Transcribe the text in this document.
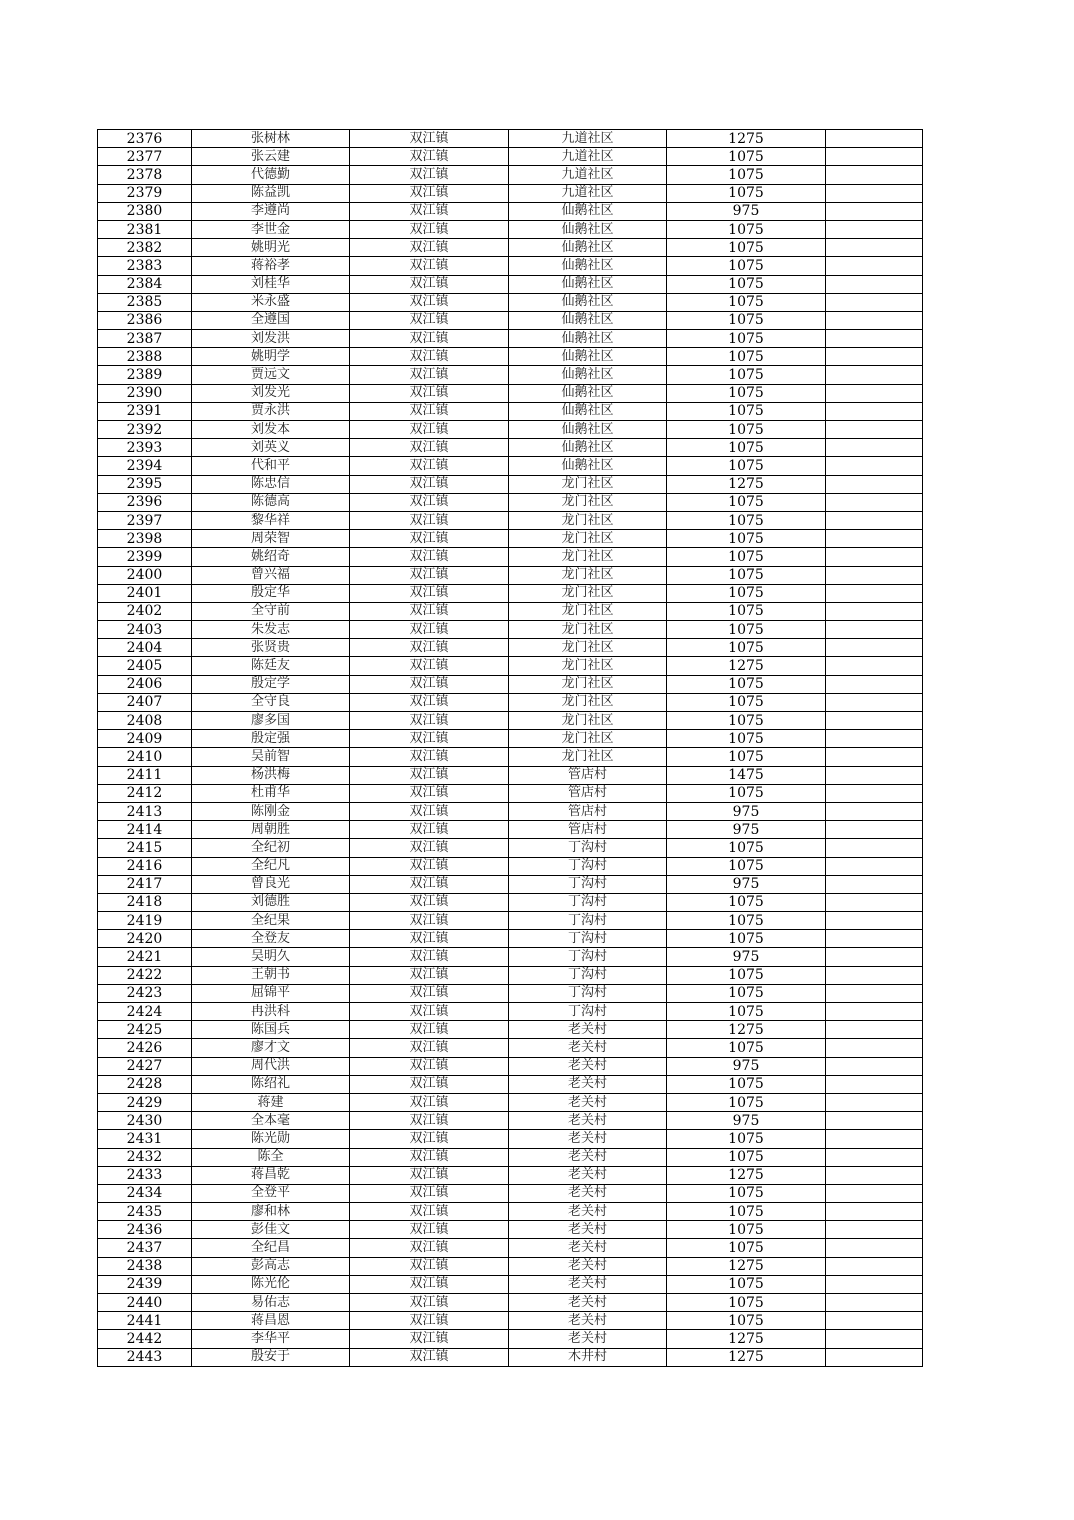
2376	张树林	双江镇	九道社区	1275	
2377	张云建	双江镇	九道社区	1075	
2378	代德勤	双江镇	九道社区	1075	
2379	陈益凯	双江镇	九道社区	1075	
2380	李遵尚	双江镇	仙鹅社区	975	
2381	李世金	双江镇	仙鹅社区	1075	
2382	姚明光	双江镇	仙鹅社区	1075	
2383	蒋裕孝	双江镇	仙鹅社区	1075	
2384	刘桂华	双江镇	仙鹅社区	1075	
2385	米永盛	双江镇	仙鹅社区	1075	
2386	全遵国	双江镇	仙鹅社区	1075	
2387	刘发洪	双江镇	仙鹅社区	1075	
2388	姚明学	双江镇	仙鹅社区	1075	
2389	贾远文	双江镇	仙鹅社区	1075	
2390	刘发光	双江镇	仙鹅社区	1075	
2391	贾永洪	双江镇	仙鹅社区	1075	
2392	刘发本	双江镇	仙鹅社区	1075	
2393	刘英义	双江镇	仙鹅社区	1075	
2394	代和平	双江镇	仙鹅社区	1075	
2395	陈忠信	双江镇	龙门社区	1275	
2396	陈德高	双江镇	龙门社区	1075	
2397	黎华祥	双江镇	龙门社区	1075	
2398	周荣智	双江镇	龙门社区	1075	
2399	姚绍奇	双江镇	龙门社区	1075	
2400	曾兴福	双江镇	龙门社区	1075	
2401	殷定华	双江镇	龙门社区	1075	
2402	全守前	双江镇	龙门社区	1075	
2403	朱发志	双江镇	龙门社区	1075	
2404	张贤贵	双江镇	龙门社区	1075	
2405	陈廷友	双江镇	龙门社区	1275	
2406	殷定学	双江镇	龙门社区	1075	
2407	全守良	双江镇	龙门社区	1075	
2408	廖多国	双江镇	龙门社区	1075	
2409	殷定强	双江镇	龙门社区	1075	
2410	吴前智	双江镇	龙门社区	1075	
2411	杨洪梅	双江镇	管店村	1475	
2412	杜甫华	双江镇	管店村	1075	
2413	陈刚金	双江镇	管店村	975	
2414	周朝胜	双江镇	管店村	975	
2415	全纪初	双江镇	丁沟村	1075	
2416	全纪凡	双江镇	丁沟村	1075	
2417	曾良光	双江镇	丁沟村	975	
2418	刘德胜	双江镇	丁沟村	1075	
2419	全纪果	双江镇	丁沟村	1075	
2420	全登友	双江镇	丁沟村	1075	
2421	吴明久	双江镇	丁沟村	975	
2422	王朝书	双江镇	丁沟村	1075	
2423	屈锦平	双江镇	丁沟村	1075	
2424	冉洪科	双江镇	丁沟村	1075	
2425	陈国兵	双江镇	老关村	1275	
2426	廖才文	双江镇	老关村	1075	
2427	周代洪	双江镇	老关村	975	
2428	陈绍礼	双江镇	老关村	1075	
2429	蒋建	双江镇	老关村	1075	
2430	全本毫	双江镇	老关村	975	
2431	陈光勋	双江镇	老关村	1075	
2432	陈全	双江镇	老关村	1075	
2433	蒋昌乾	双江镇	老关村	1275	
2434	全登平	双江镇	老关村	1075	
2435	廖和林	双江镇	老关村	1075	
2436	彭佳文	双江镇	老关村	1075	
2437	全纪昌	双江镇	老关村	1075	
2438	彭高志	双江镇	老关村	1275	
2439	陈光伦	双江镇	老关村	1075	
2440	易佑志	双江镇	老关村	1075	
2441	蒋昌恩	双江镇	老关村	1075	
2442	李华平	双江镇	老关村	1275	
2443	殷安于	双江镇	木井村	1275	
